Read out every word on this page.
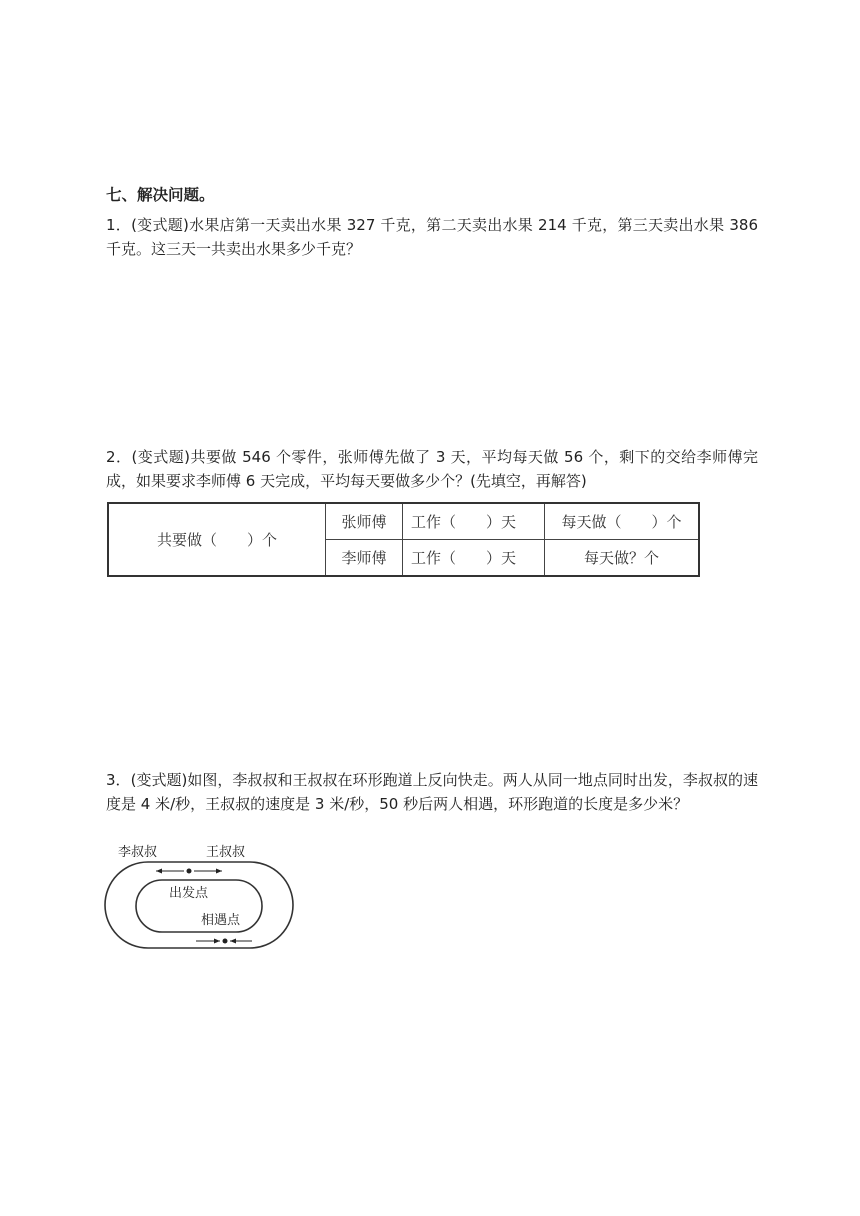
七、解决问题。

1．(变式题)水果店第一天卖出水果 327 千克，第二天卖出水果 214 千克，第三天卖出水果 386 千克。这三天一共卖出水果多少千克？

2．(变式题)共要做 546 个零件，张师傅先做了 3 天，平均每天做 56 个，剩下的交给李师傅完成，如果要求李师傅 6 天完成，平均每天要做多少个？(先填空，再解答)

共要做（　　）个	张师傅	工作（　　）天	每天做（　　）个
	李师傅	工作（　　）天	每天做？个

3．(变式题)如图，李叔叔和王叔叔在环形跑道上反向快走。两人从同一地点同时出发，李叔叔的速度是 4 米/秒，王叔叔的速度是 3 米/秒，50 秒后两人相遇，环形跑道的长度是多少米？

李叔叔	王叔叔
出发点
相遇点
